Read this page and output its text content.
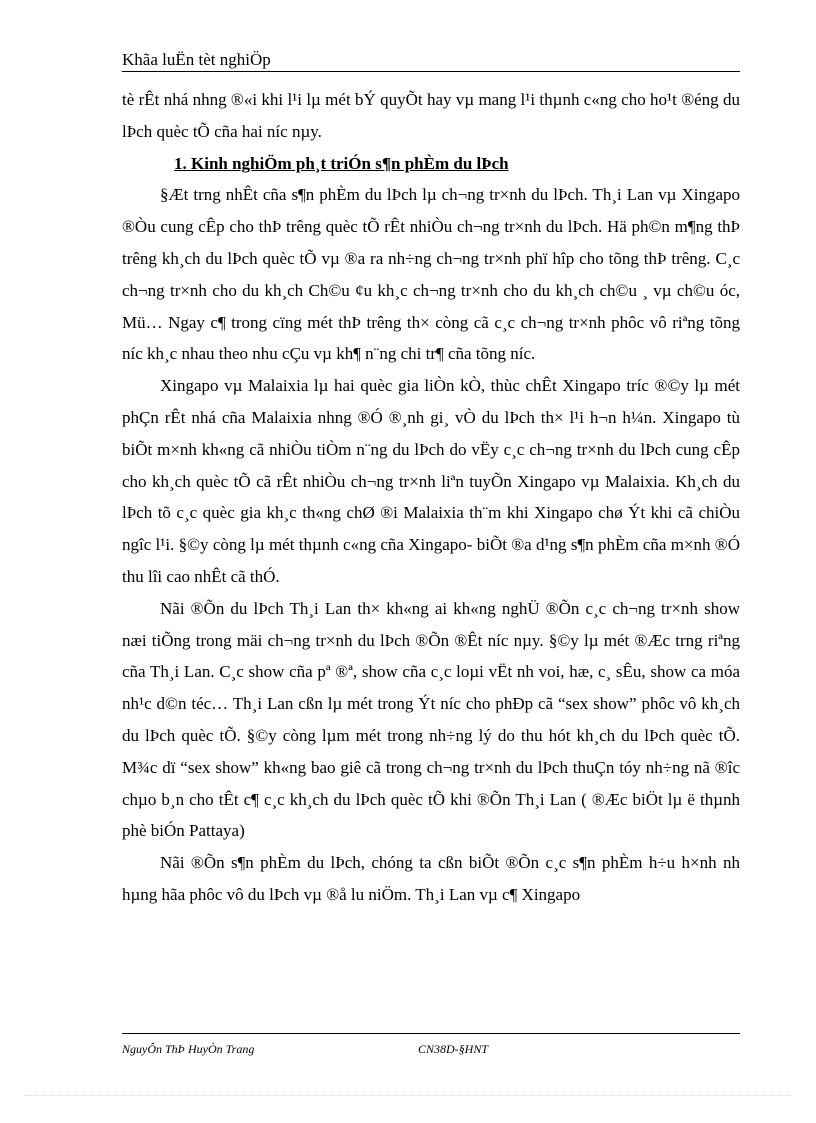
Khãa luËn tèt nghiÖp

tè rÊt nhá nhng ®«i khi l¹i lµ mét bÝ quyÕt hay vµ mang l¹i thµnh c«ng cho ho¹t ®éng du lÞch quèc tÕ cña hai níc nµy.

1. Kinh nghiÖm ph¸t triÓn s¶n phÈm du lÞch

§Æt trng nhÊt cña s¶n phÈm du lÞch lµ ch¬ng tr×nh du lÞch. Th¸i Lan vµ Xingapo ®Òu cung cÊp cho thÞ trêng quèc tÕ rÊt nhiÒu ch¬ng tr×nh du lÞch. Hä ph©n m¶ng thÞ trêng kh¸ch du lÞch quèc tÕ vµ ®a ra nh÷ng ch¬ng tr×nh phï hîp cho tõng thÞ trêng. C¸c ch¬ng tr×nh cho du kh¸ch Ch©u ¢u kh¸c ch¬ng tr×nh cho du kh¸ch ch©u ¸ vµ ch©u óc, Mü… Ngay c¶ trong cïng mét thÞ trêng th× còng cã c¸c ch¬ng tr×nh phôc vô riªng tõng níc kh¸c nhau theo nhu cÇu vµ kh¶ n¨ng chi tr¶ cña tõng níc.

Xingapo vµ Malaixia lµ hai quèc gia liÒn kÒ, thùc chÊt Xingapo tríc ®©y lµ mét phÇn rÊt nhá cña Malaixia nhng ®Ó ®¸nh gi¸ vÒ du lÞch th× l¹i h¬n h¼n. Xingapo tù biÕt m×nh kh«ng cã nhiÒu tiÒm n¨ng du lÞch do vËy c¸c ch¬ng tr×nh du lÞch cung cÊp cho kh¸ch quèc tÕ cã rÊt nhiÒu ch¬ng tr×nh liªn tuyÕn Xingapo vµ Malaixia. Kh¸ch du lÞch tõ c¸c quèc gia kh¸c th«ng chØ ®i Malaixia th¨m khi Xingapo chø Ýt khi cã chiÒu ngîc l¹i. §©y còng lµ mét thµnh c«ng cña Xingapo- biÕt ®a d¹ng s¶n phÈm cña m×nh ®Ó thu lîi cao nhÊt cã thÓ.

Nãi ®Õn du lÞch Th¸i Lan th× kh«ng ai kh«ng nghÜ ®Õn c¸c ch¬ng tr×nh show næi tiÕng trong mäi ch¬ng tr×nh du lÞch ®Õn ®Êt níc nµy. §©y lµ mét ®Æc trng riªng cña Th¸i Lan. C¸c show cña pª ®ª, show cña c¸c loµi vËt nh voi, hæ, c¸ sÊu, show ca móa nh¹c d©n téc… Th¸i Lan cßn lµ mét trong Ýt níc cho phÐp cã “sex show” phôc vô kh¸ch du lÞch quèc tÕ. §©y còng lµm mét trong nh÷ng lý do thu hót kh¸ch du lÞch quèc tÕ. M¾c dï “sex show” kh«ng bao giê cã trong ch¬ng tr×nh du lÞch thuÇn tóy nh÷ng nã ®îc chµo b¸n cho tÊt c¶ c¸c kh¸ch du lÞch quèc tÕ khi ®Õn Th¸i Lan ( ®Æc biÖt lµ ë thµnh phè biÓn Pattaya)

Nãi ®Õn s¶n phÈm du lÞch, chóng ta cßn biÕt ®Õn c¸c s¶n phÈm h÷u h×nh nh hµng hãa phôc vô du lÞch vµ ®å lu niÖm. Th¸i Lan vµ c¶ Xingapo

NguyÔn ThÞ HuyÒn Trang	CN38D-§HNT
